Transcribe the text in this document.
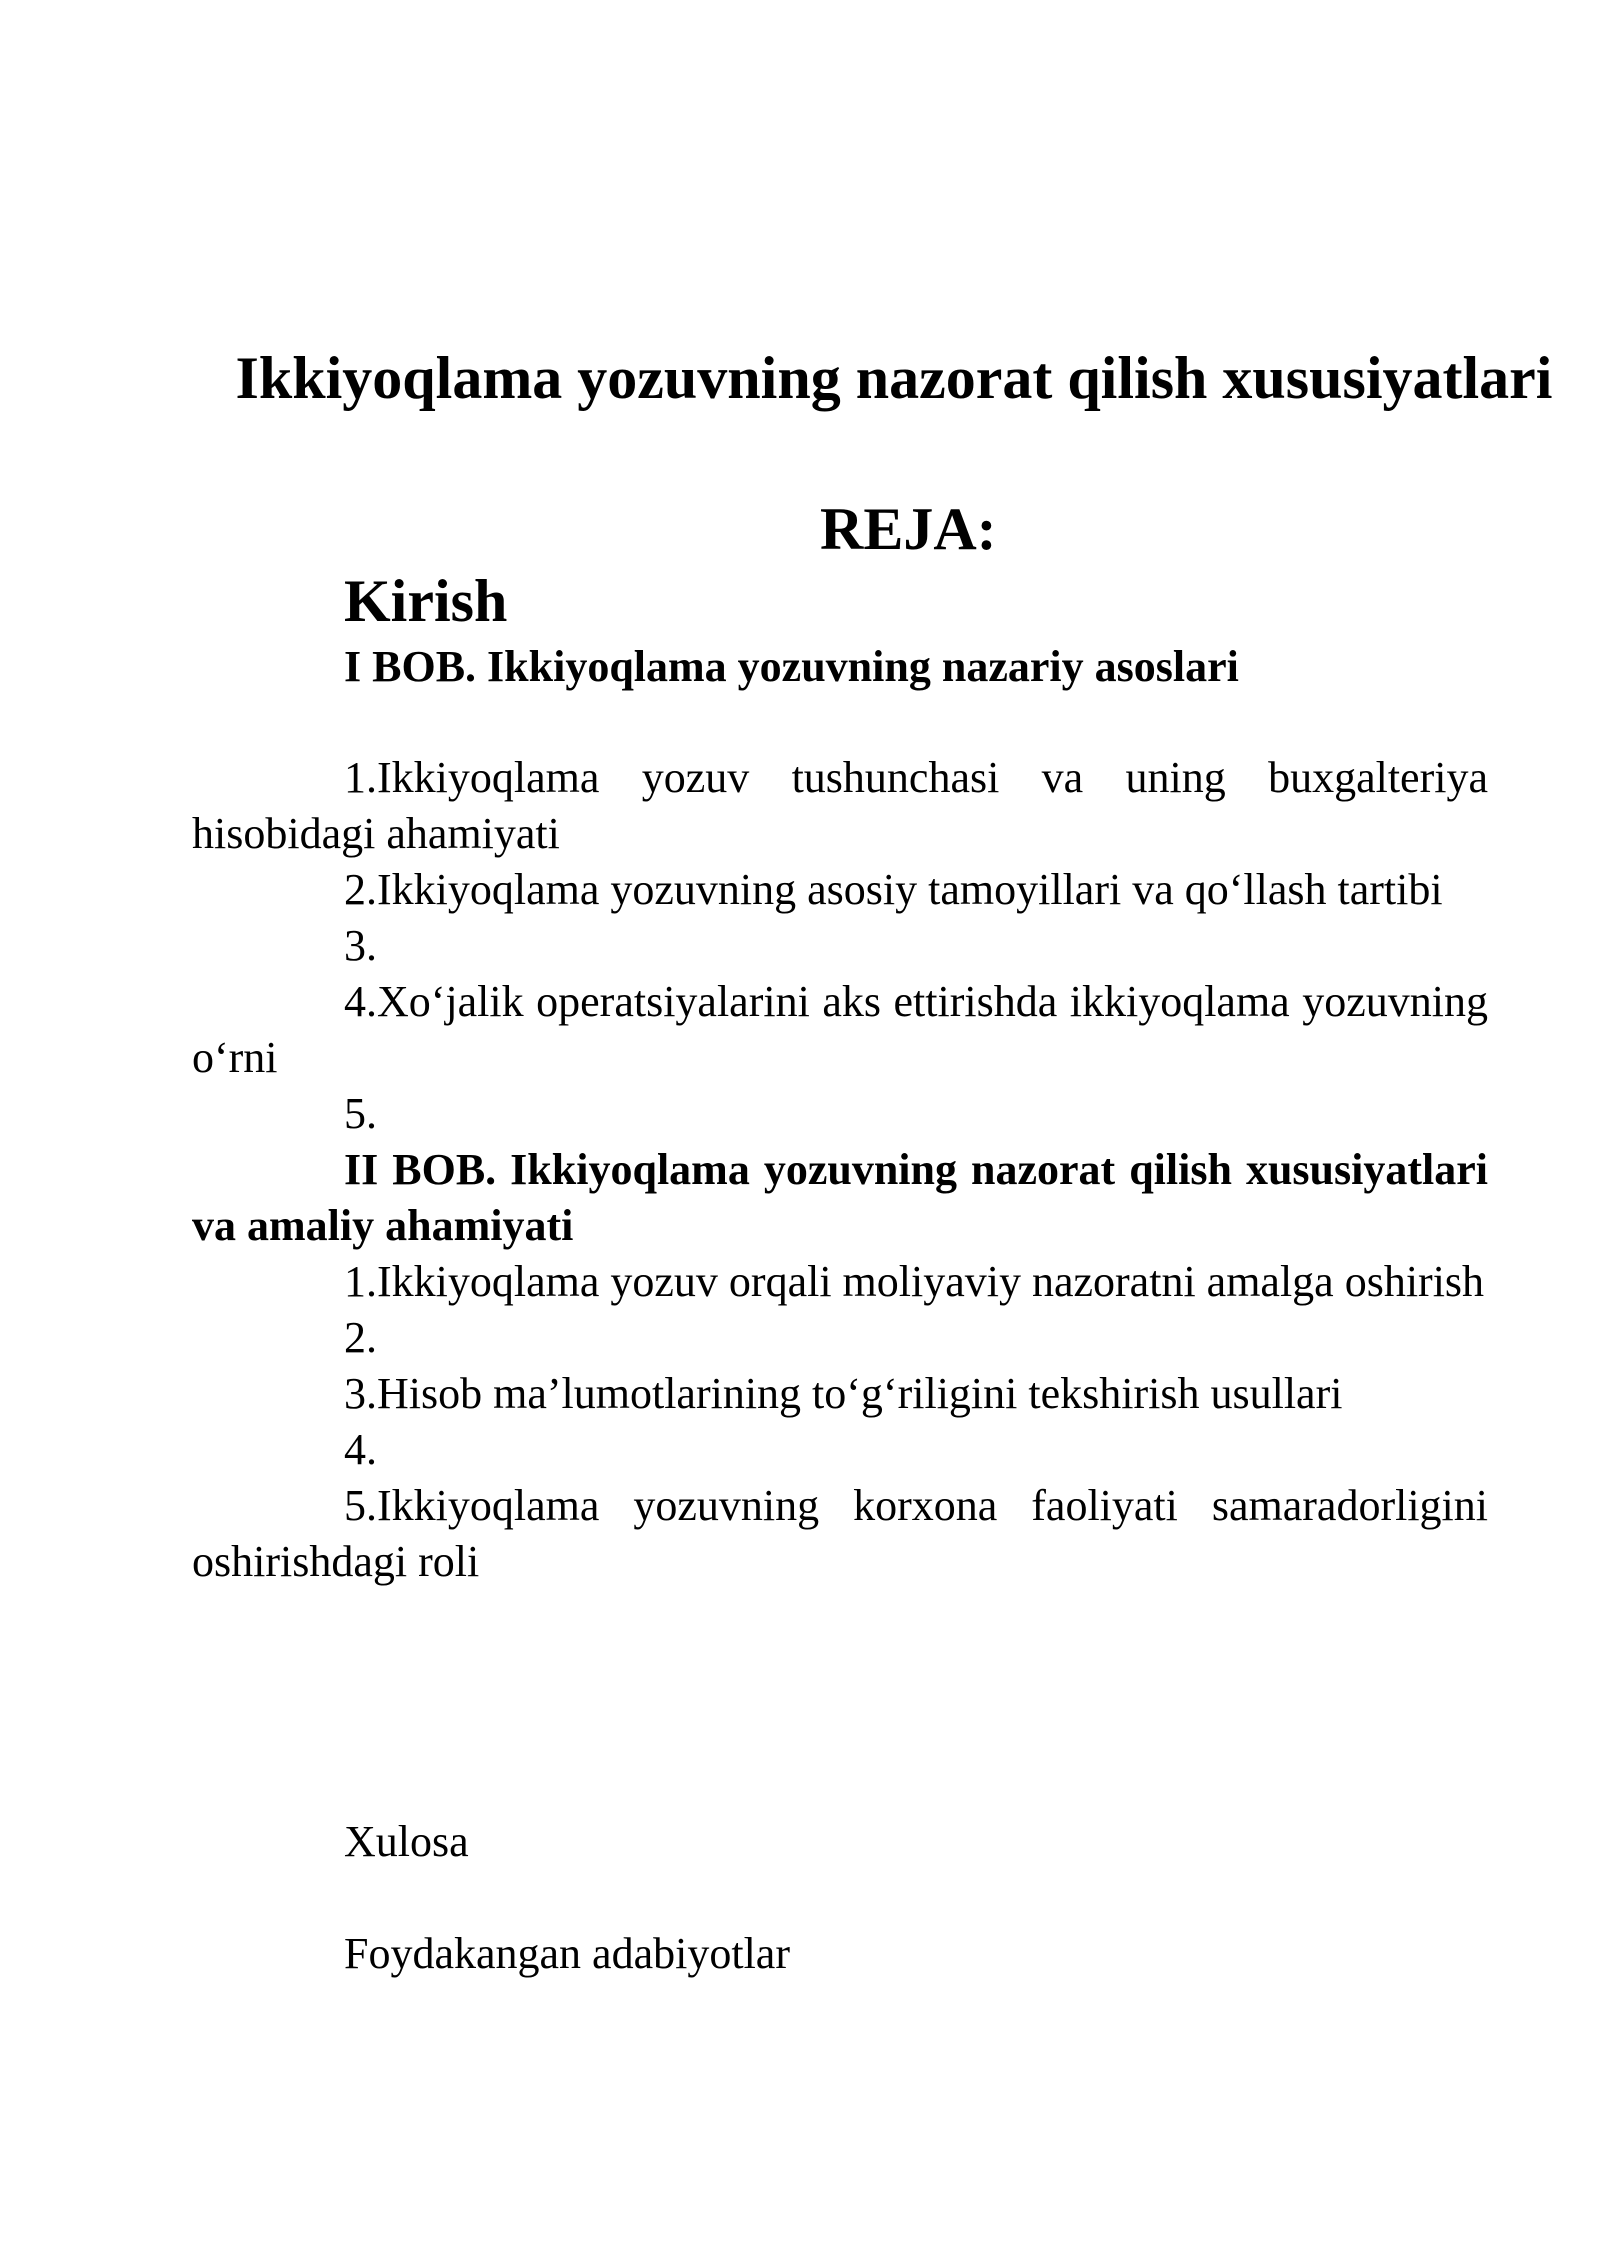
Ikkiyoqlama yozuvning nazorat qilish xususiyatlari
REJA:
Kirish
I BOB. Ikkiyoqlama yozuvning nazariy asoslari

1.Ikkiyoqlama yozuv tushunchasi va uning buxgalteriya hisobidagi ahamiyati

2.Ikkiyoqlama yozuvning asosiy tamoyillari va qo‘llash tartibi

3.

4.Xo‘jalik operatsiyalarini aks ettirishda ikkiyoqlama yozuvning o‘rni

5.

II BOB. Ikkiyoqlama yozuvning nazorat qilish xususiyatlari va amaliy ahamiyati

1.Ikkiyoqlama yozuv orqali moliyaviy nazoratni amalga oshirish

2.

3.Hisob ma’lumotlarining to‘g‘riligini tekshirish usullari

4.

5.Ikkiyoqlama yozuvning korxona faoliyati samaradorligini oshirishdagi roli

Xulosa
Foydakangan adabiyotlar
